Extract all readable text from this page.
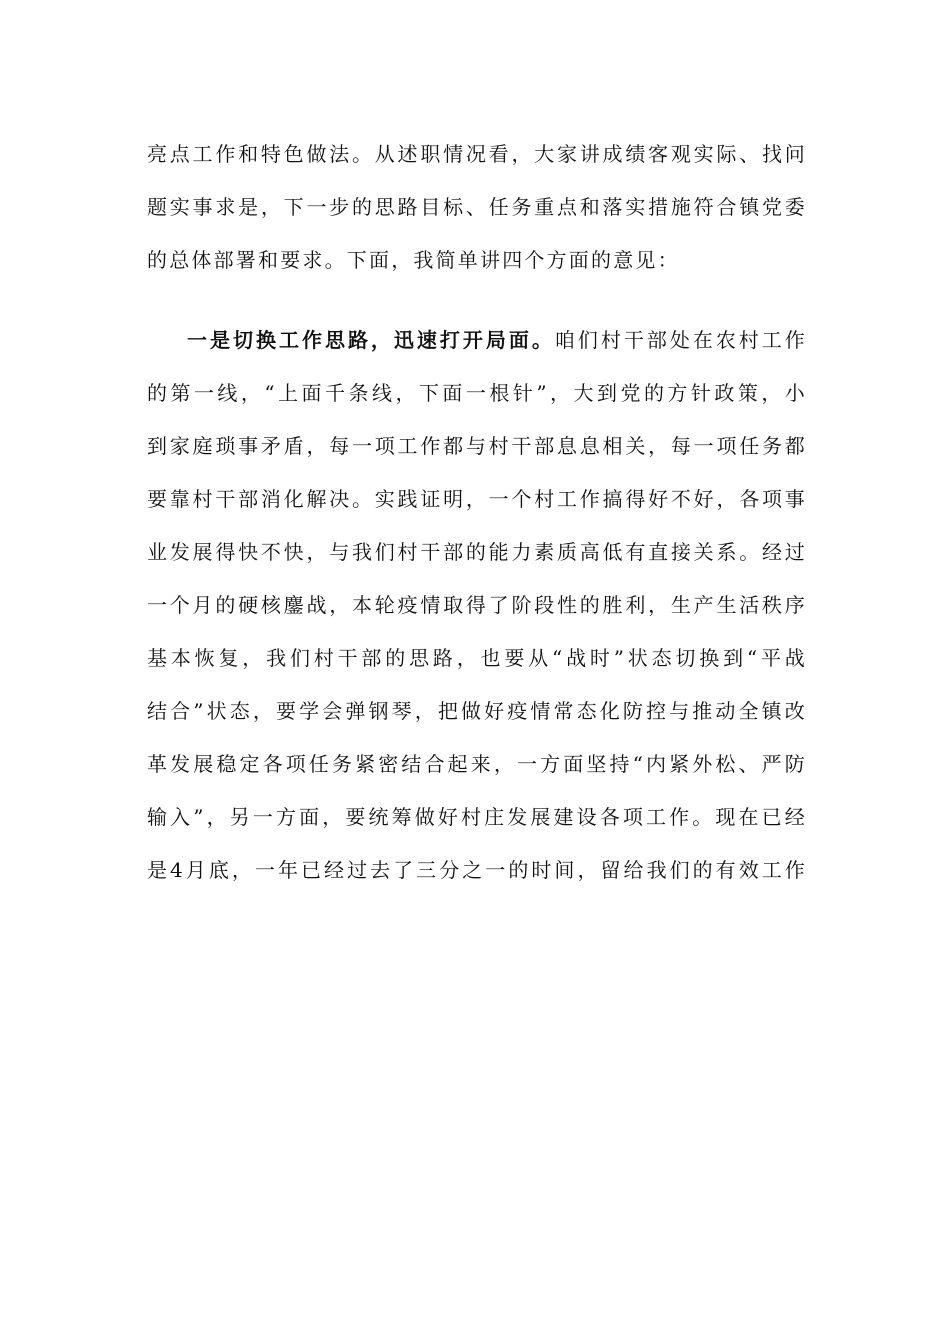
亮点工作和特色做法。从述职情况看，大家讲成绩客观实际、找问
题实事求是，下一步的思路目标、任务重点和落实措施符合镇党委
的总体部署和要求。下面，我简单讲四个方面的意见：
一是切换工作思路，迅速打开局面。咱们村干部处在农村工作
的第一线，“上面千条线，下面一根针”，大到党的方针政策，小
到家庭琐事矛盾，每一项工作都与村干部息息相关，每一项任务都
要靠村干部消化解决。实践证明，一个村工作搞得好不好，各项事
业发展得快不快，与我们村干部的能力素质高低有直接关系。经过
一个月的硬核鏖战，本轮疫情取得了阶段性的胜利，生产生活秩序
基本恢复，我们村干部的思路，也要从“战时”状态切换到“平战
结合”状态，要学会弹钢琴，把做好疫情常态化防控与推动全镇改
革发展稳定各项任务紧密结合起来，一方面坚持“内紧外松、严防
输入”，另一方面，要统筹做好村庄发展建设各项工作。现在已经
是4月底，一年已经过去了三分之一的时间，留给我们的有效工作
